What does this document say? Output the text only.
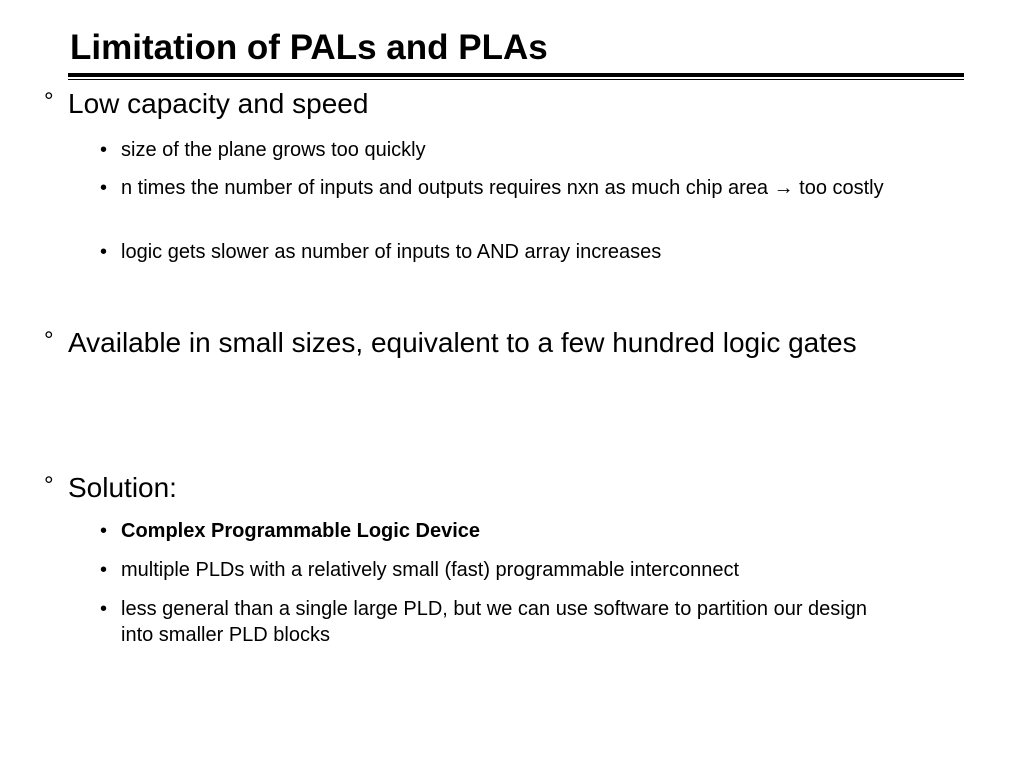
Limitation of PALs and PLAs
° Low capacity and speed
• size of the plane grows too quickly
• n times the number of inputs and outputs requires nxn as much chip area → too costly
• logic gets slower as number of inputs to AND array increases
° Available in small sizes, equivalent to a few hundred logic gates
° Solution:
• Complex Programmable Logic Device
• multiple PLDs with a relatively small (fast) programmable interconnect
• less general than a single large PLD, but we can use software to partition our design into smaller PLD blocks
